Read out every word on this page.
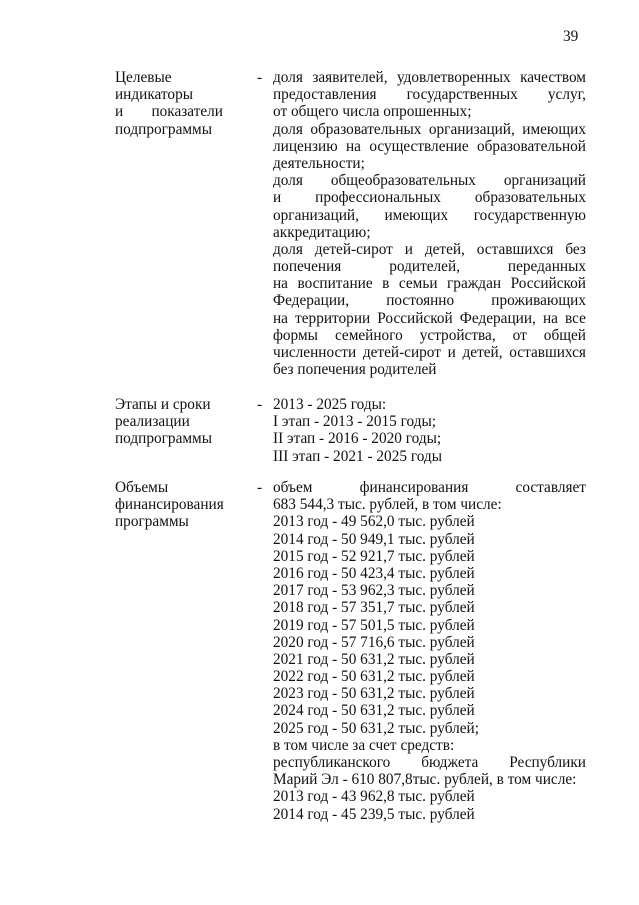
39
Целевые
индикаторы
и показатели
подпрограммы
- доля заявителей, удовлетворенных качеством
предоставления государственных услуг,
от общего числа опрошенных;
доля образовательных организаций, имеющих
лицензию на осуществление образовательной
деятельности;
доля общеобразовательных организаций
и профессиональных образовательных
организаций, имеющих государственную
аккредитацию;
доля детей-сирот и детей, оставшихся без
попечения	родителей,	переданных
на воспитание в семьи граждан Российской
Федерации, постоянно проживающих
на территории Российской Федерации, на все
формы семейного устройства, от общей
численности детей-сирот и детей, оставшихся
без попечения родителей
Этапы и сроки
реализации
подпрограммы
- 2013 - 2025 годы:
I этап - 2013 - 2015 годы;
II этап - 2016 - 2020 годы;
III этап - 2021 - 2025 годы
Объемы
финансирования
программы
- объем	финансирования	составляет
683 544,3 тыс. рублей, в том числе:
2013 год - 49 562,0 тыс. рублей
2014 год - 50 949,1 тыс. рублей
2015 год - 52 921,7 тыс. рублей
2016 год - 50 423,4 тыс. рублей
2017 год - 53 962,3 тыс. рублей
2018 год - 57 351,7 тыс. рублей
2019 год - 57 501,5 тыс. рублей
2020 год - 57 716,6 тыс. рублей
2021 год - 50 631,2 тыс. рублей
2022 год - 50 631,2 тыс. рублей
2023 год - 50 631,2 тыс. рублей
2024 год - 50 631,2 тыс. рублей
2025 год - 50 631,2 тыс. рублей;
в том числе за счет средств:
республиканского бюджета Республики
Марий Эл - 610 807,8тыс. рублей, в том числе:
2013 год - 43 962,8 тыс. рублей
2014 год - 45 239,5 тыс. рублей
